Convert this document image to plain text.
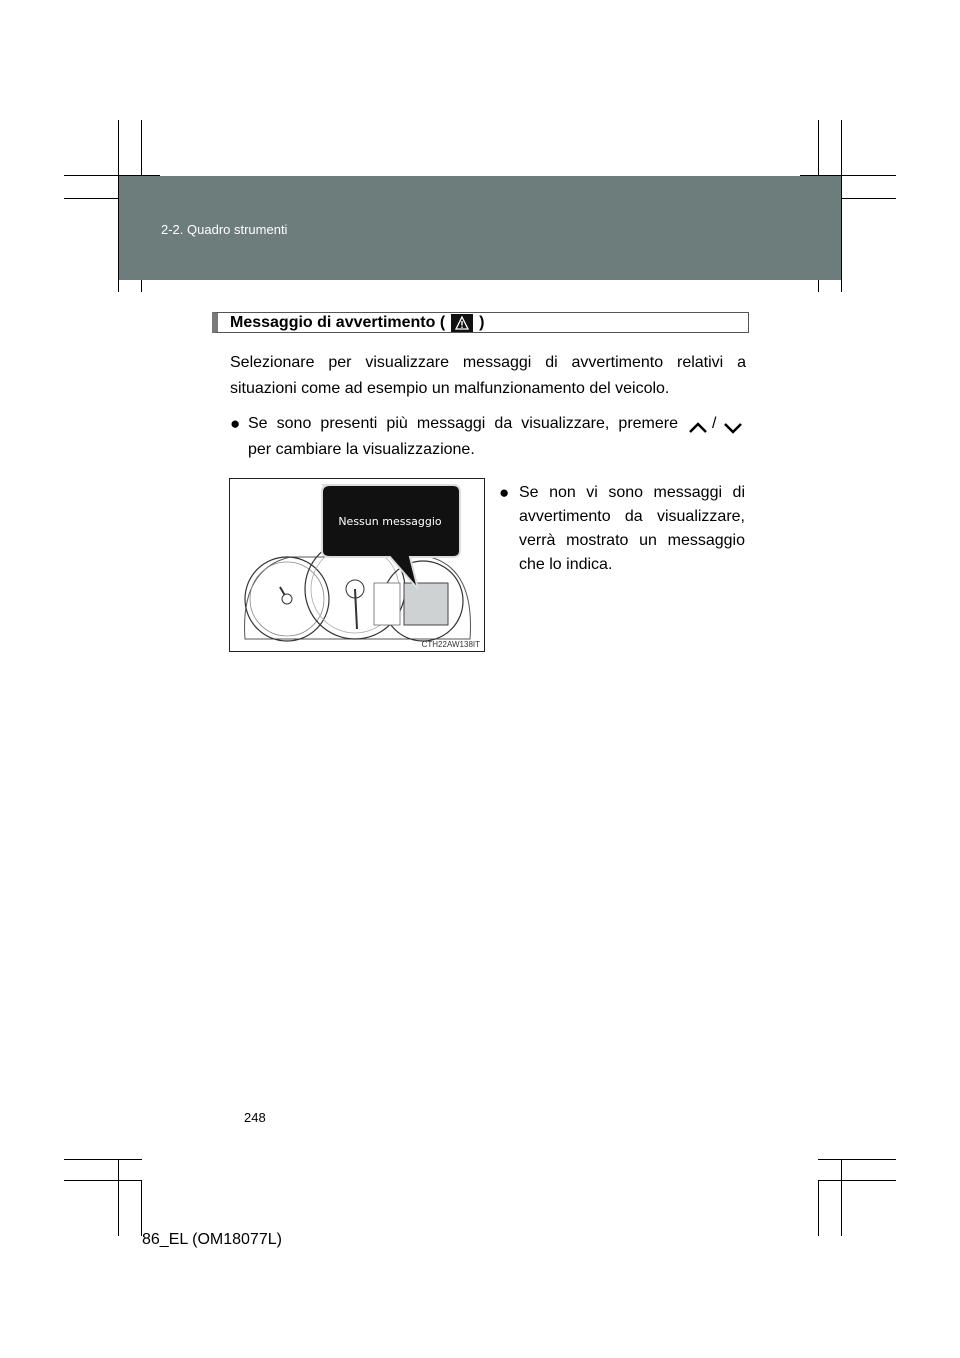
2-2. Quadro strumenti
Messaggio di avvertimento ( )
Selezionare per visualizzare messaggi di avvertimento relativi a situazioni come ad esempio un malfunzionamento del veicolo.
● Se sono presenti più messaggi da visualizzare, premere /
per cambiare la visualizzazione.
Nessun messaggio
CTH22AW138IT
● Se non vi sono messaggi di avvertimento da visualizzare, verrà mostrato un messaggio che lo indica.
248
86_EL (OM18077L)
